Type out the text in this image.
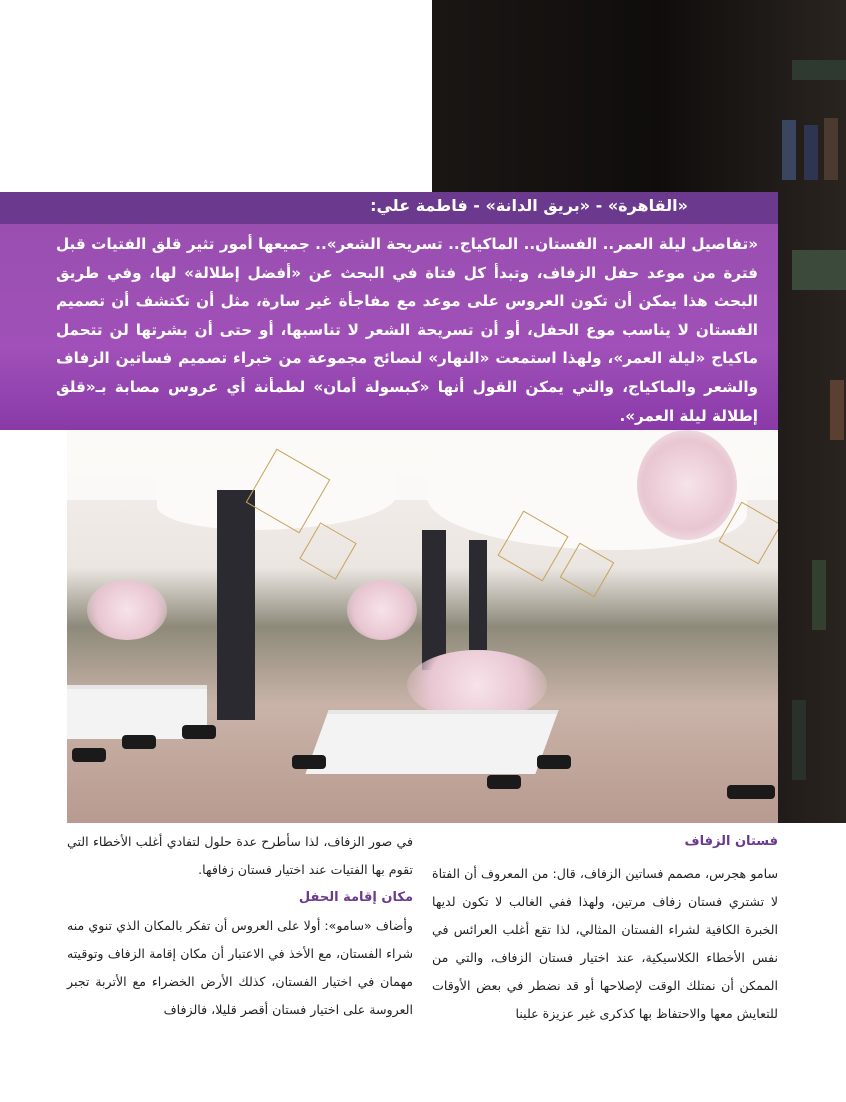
«القاهرة» - «بريق الدانة» - فاطمة علي:
«تفاصيل ليلة العمر.. الفستان.. الماكياج.. تسريحة الشعر».. جميعها أمور تثير قلق الفتيات قبل فترة من موعد حفل الزفاف، وتبدأ كل فتاة في البحث عن «أفضل إطلالة» لها، وفي طريق البحث هذا يمكن أن تكون العروس على موعد مع مفاجأة غير سارة، مثل أن تكتشف أن تصميم الفستان لا يناسب موع الحفل، أو أن تسريحة الشعر لا تناسبها، أو حتى أن بشرتها لن تتحمل ماكياج «ليلة العمر»، ولهذا استمعت «النهار» لنصائح مجموعة من خبراء تصميم فساتين الزفاف والشعر والماكياج، والتي يمكن القول أنها «كبسولة أمان» لطمأنة أي عروس مصابة بـ«قلق إطلالة ليلة العمر».

فستان الزفاف

سامو هجرس، مصمم فساتين الزفاف، قال: من المعروف أن الفتاة لا تشتري فستان زفاف مرتين، ولهذا ففي الغالب لا تكون لديها الخبرة الكافية لشراء الفستان المثالي، لذا تقع أغلب العرائس في نفس الأخطاء الكلاسيكية، عند اختيار فستان الزفاف، والتي من الممكن أن نمتلك الوقت لإصلاحها أو قد نضطر في بعض الأوقات للتعايش معها والاحتفاظ بها كذكرى غير عزيزة علينا

في صور الزفاف، لذا سأطرح عدة حلول لتفادي أغلب الأخطاء التي تقوم بها الفتيات عند اختيار فستان زفافها.

مكان إقامة الحفل

وأضاف «سامو»: أولا على العروس أن تفكر بالمكان الذي تنوي منه شراء الفستان، مع الأخذ في الاعتبار أن مكان إقامة الزفاف وتوقيته مهمان في اختيار الفستان، كذلك الأرض الخضراء مع الأتربة تجبر العروسة على اختيار فستان أقصر قليلا، فالزفاف
